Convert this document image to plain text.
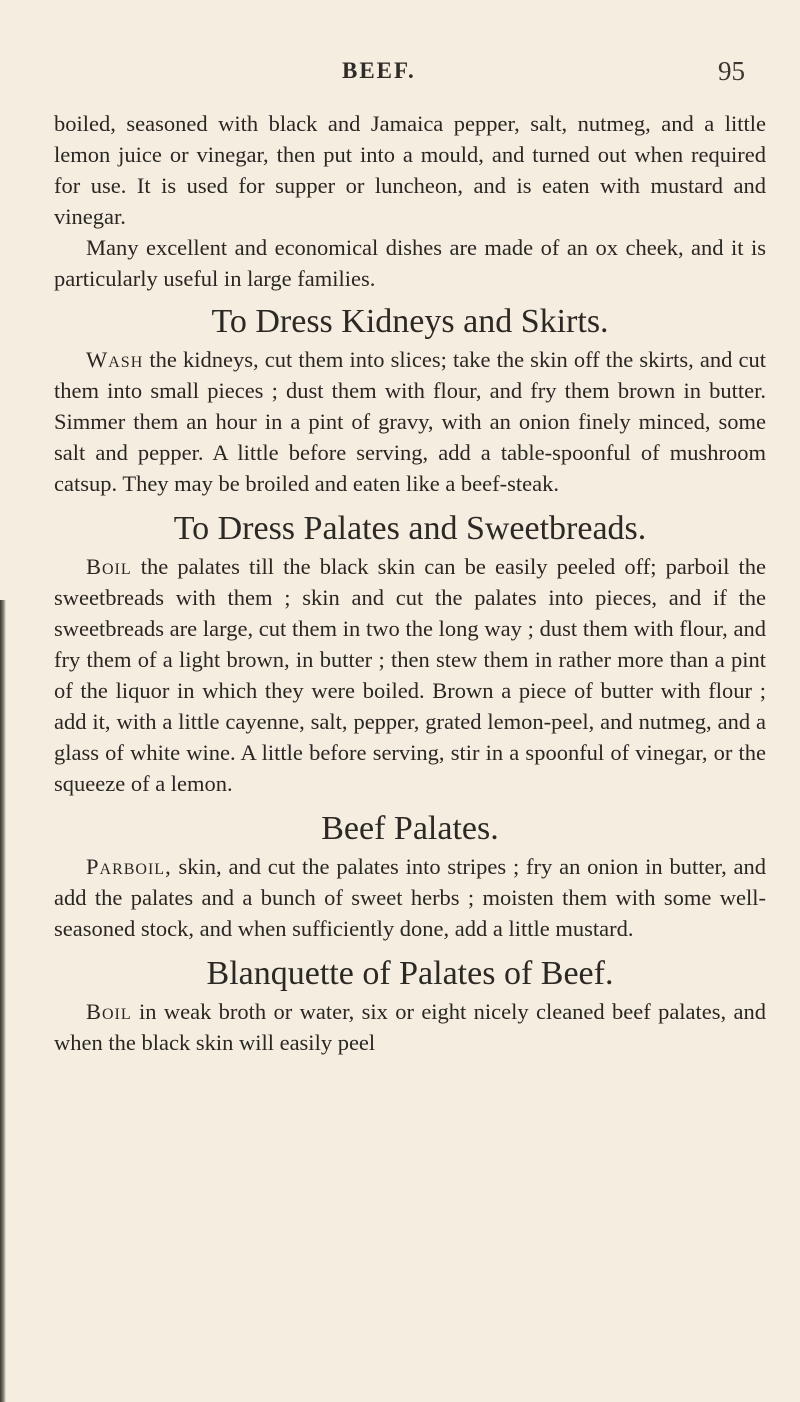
BEEF.	95

boiled, seasoned with black and Jamaica pepper, salt, nutmeg, and a little lemon juice or vinegar, then put into a mould, and turned out when required for use. It is used for supper or luncheon, and is eaten with mustard and vinegar.

Many excellent and economical dishes are made of an ox cheek, and it is particularly useful in large families.

To Dress Kidneys and Skirts.

Wash the kidneys, cut them into slices; take the skin off the skirts, and cut them into small pieces ; dust them with flour, and fry them brown in butter. Simmer them an hour in a pint of gravy, with an onion finely minced, some salt and pepper. A little before serving, add a table-spoonful of mushroom catsup. They may be broiled and eaten like a beef-steak.

To Dress Palates and Sweetbreads.

Boil the palates till the black skin can be easily peeled off; parboil the sweetbreads with them ; skin and cut the palates into pieces, and if the sweetbreads are large, cut them in two the long way ; dust them with flour, and fry them of a light brown, in butter ; then stew them in rather more than a pint of the liquor in which they were boiled. Brown a piece of butter with flour ; add it, with a little cayenne, salt, pepper, grated lemon-peel, and nutmeg, and a glass of white wine. A little before serving, stir in a spoonful of vinegar, or the squeeze of a lemon.

Beef Palates.

Parboil, skin, and cut the palates into stripes ; fry an onion in butter, and add the palates and a bunch of sweet herbs ; moisten them with some well-seasoned stock, and when sufficiently done, add a little mustard.

Blanquette of Palates of Beef.

Boil in weak broth or water, six or eight nicely cleaned beef palates, and when the black skin will easily peel
